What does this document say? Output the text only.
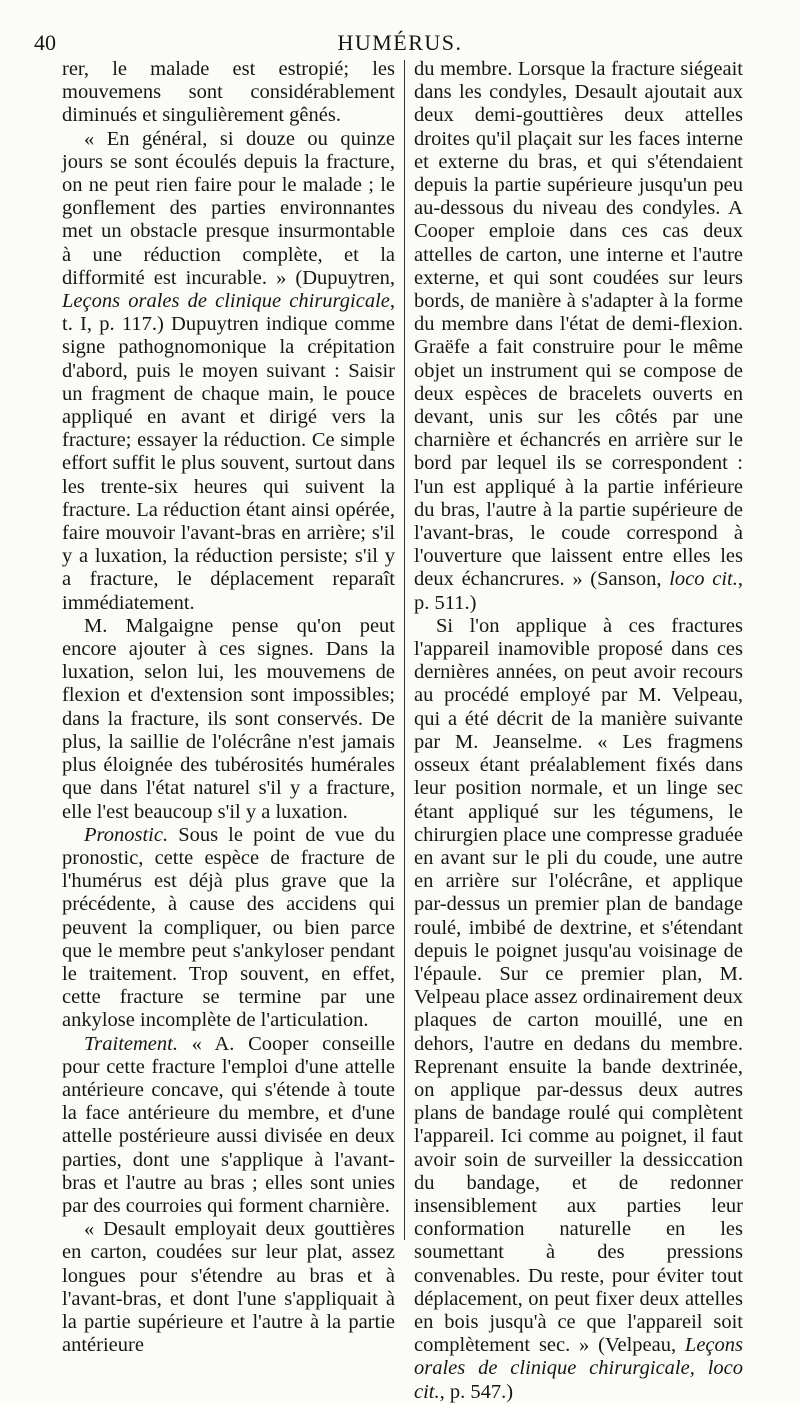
40	HUMÉRUS.

rer, le malade est estropié; les mouvemens sont considérablement diminués et singulièrement gênés.

« En général, si douze ou quinze jours se sont écoulés depuis la fracture, on ne peut rien faire pour le malade ; le gonflement des parties environnantes met un obstacle presque insurmontable à une réduction complète, et la difformité est incurable. » (Dupuytren, Leçons orales de clinique chirurgicale, t. I, p. 117.) Dupuytren indique comme signe pathognomonique la crépitation d'abord, puis le moyen suivant : Saisir un fragment de chaque main, le pouce appliqué en avant et dirigé vers la fracture; essayer la réduction. Ce simple effort suffit le plus souvent, surtout dans les trente-six heures qui suivent la fracture. La réduction étant ainsi opérée, faire mouvoir l'avant-bras en arrière; s'il y a luxation, la réduction persiste; s'il y a fracture, le déplacement reparaît immédiatement.

M. Malgaigne pense qu'on peut encore ajouter à ces signes. Dans la luxation, selon lui, les mouvemens de flexion et d'extension sont impossibles; dans la fracture, ils sont conservés. De plus, la saillie de l'olécrâne n'est jamais plus éloignée des tubérosités humérales que dans l'état naturel s'il y a fracture, elle l'est beaucoup s'il y a luxation.

Pronostic. Sous le point de vue du pronostic, cette espèce de fracture de l'humérus est déjà plus grave que la précédente, à cause des accidens qui peuvent la compliquer, ou bien parce que le membre peut s'ankyloser pendant le traitement. Trop souvent, en effet, cette fracture se termine par une ankylose incomplète de l'articulation.

Traitement. « A. Cooper conseille pour cette fracture l'emploi d'une attelle antérieure concave, qui s'étende à toute la face antérieure du membre, et d'une attelle postérieure aussi divisée en deux parties, dont une s'applique à l'avant-bras et l'autre au bras ; elles sont unies par des courroies qui forment charnière.

« Desault employait deux gouttières en carton, coudées sur leur plat, assez longues pour s'étendre au bras et à l'avant-bras, et dont l'une s'appliquait à la partie supérieure et l'autre à la partie antérieure

du membre. Lorsque la fracture siégeait dans les condyles, Desault ajoutait aux deux demi-gouttières deux attelles droites qu'il plaçait sur les faces interne et externe du bras, et qui s'étendaient depuis la partie supérieure jusqu'un peu au-dessous du niveau des condyles. A Cooper emploie dans ces cas deux attelles de carton, une interne et l'autre externe, et qui sont coudées sur leurs bords, de manière à s'adapter à la forme du membre dans l'état de demi-flexion. Graëfe a fait construire pour le même objet un instrument qui se compose de deux espèces de bracelets ouverts en devant, unis sur les côtés par une charnière et échancrés en arrière sur le bord par lequel ils se correspondent : l'un est appliqué à la partie inférieure du bras, l'autre à la partie supérieure de l'avant-bras, le coude correspond à l'ouverture que laissent entre elles les deux échancrures. » (Sanson, loco cit., p. 511.)

Si l'on applique à ces fractures l'appareil inamovible proposé dans ces dernières années, on peut avoir recours au procédé employé par M. Velpeau, qui a été décrit de la manière suivante par M. Jeanselme. « Les fragmens osseux étant préalablement fixés dans leur position normale, et un linge sec étant appliqué sur les tégumens, le chirurgien place une compresse graduée en avant sur le pli du coude, une autre en arrière sur l'olécrâne, et applique par-dessus un premier plan de bandage roulé, imbibé de dextrine, et s'étendant depuis le poignet jusqu'au voisinage de l'épaule. Sur ce premier plan, M. Velpeau place assez ordinairement deux plaques de carton mouillé, une en dehors, l'autre en dedans du membre. Reprenant ensuite la bande dextrinée, on applique par-dessus deux autres plans de bandage roulé qui complètent l'appareil. Ici comme au poignet, il faut avoir soin de surveiller la dessiccation du bandage, et de redonner insensiblement aux parties leur conformation naturelle en les soumettant à des pressions convenables. Du reste, pour éviter tout déplacement, on peut fixer deux attelles en bois jusqu'à ce que l'appareil soit complètement sec. » (Velpeau, Leçons orales de clinique chirurgicale, loco cit., p. 547.)
